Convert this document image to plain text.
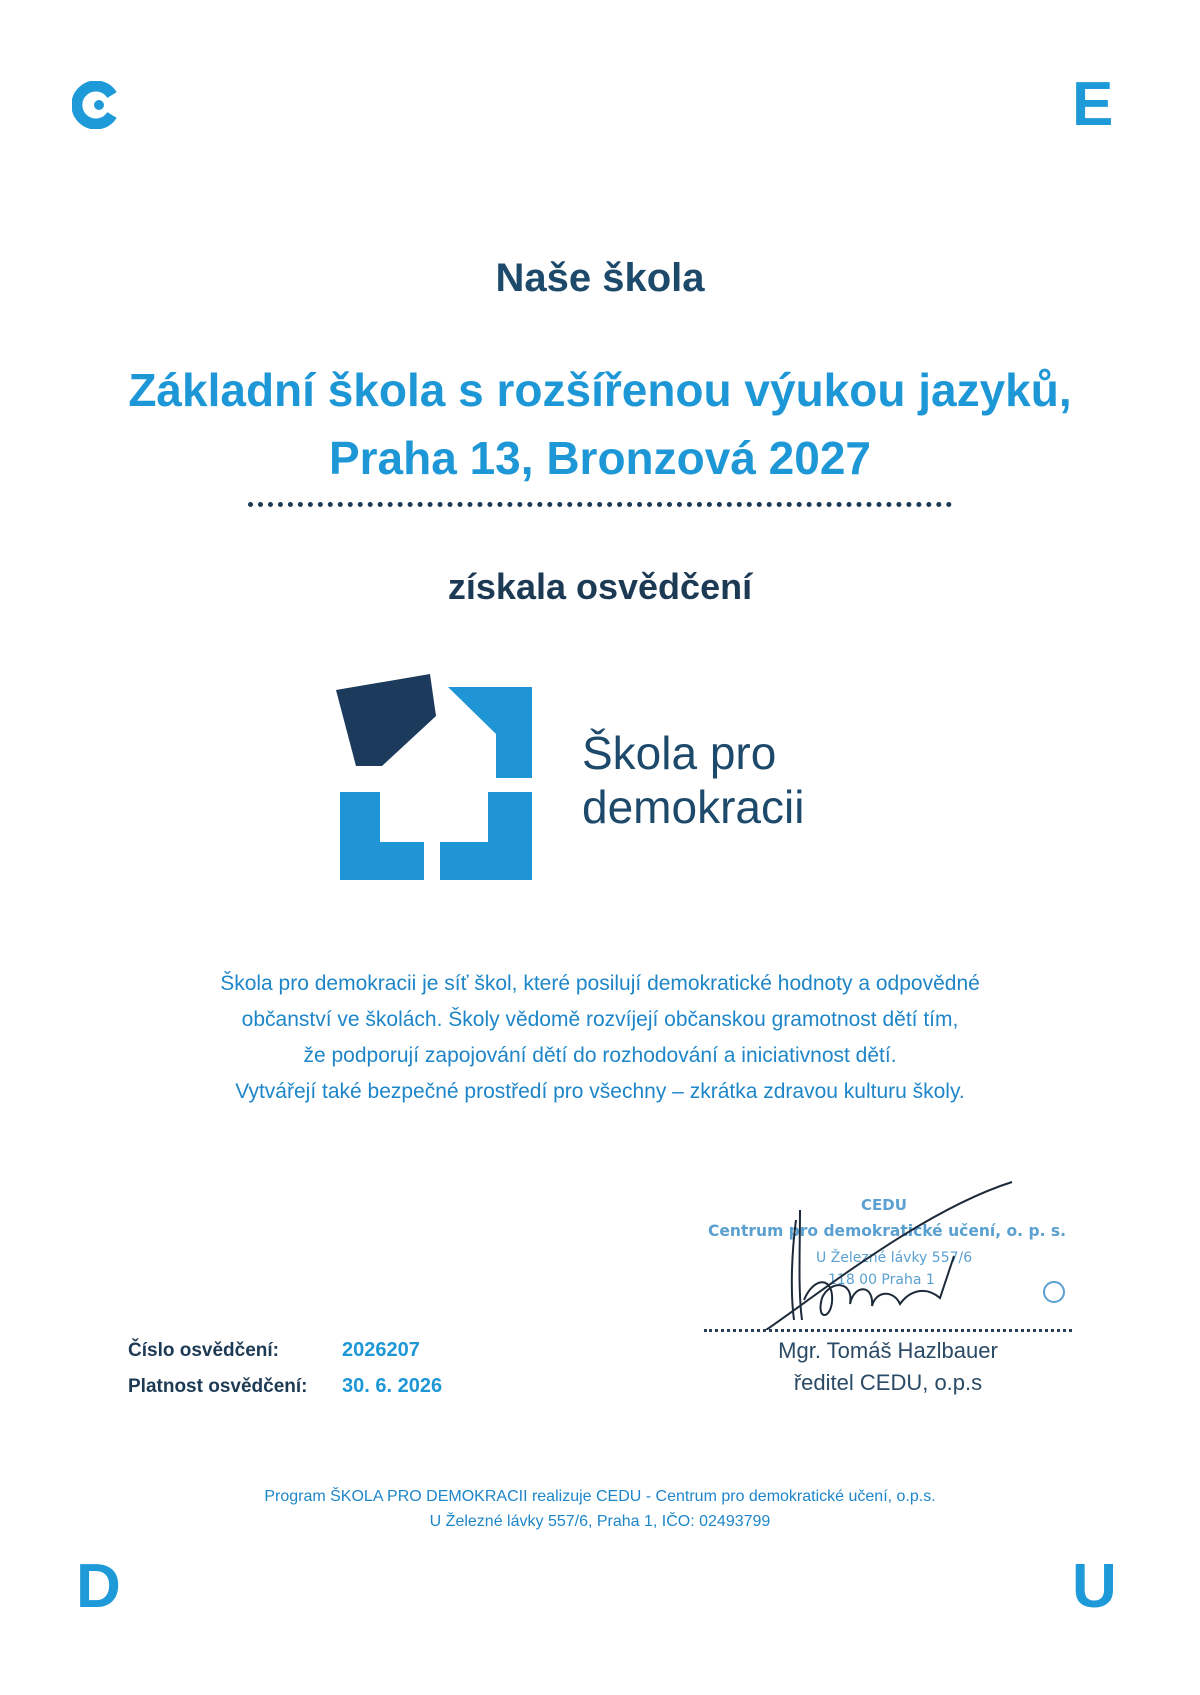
E
D	U
Naše škola
Základní škola s rozšířenou výukou jazyků,
Praha 13, Bronzová 2027
získala osvědčení
Škola pro
demokracii
Škola pro demokracii je síť škol, které posilují demokratické hodnoty a odpovědné
občanství ve školách. Školy vědomě rozvíjejí občanskou gramotnost dětí tím,
že podporují zapojování dětí do rozhodování a iniciativnost dětí.
Vytvářejí také bezpečné prostředí pro všechny – zkrátka zdravou kulturu školy.
CEDU
Centrum pro demokratické učení, o. p. s.
U Železné lávky 557/6
118 00 Praha 1
Mgr. Tomáš Hazlbauer
ředitel CEDU, o.p.s
Číslo osvědčení:	2026207
Platnost osvědčení: 30. 6. 2026
Program ŠKOLA PRO DEMOKRACII realizuje CEDU - Centrum pro demokratické učení, o.p.s.
U Železné lávky 557/6, Praha 1, IČO: 02493799
